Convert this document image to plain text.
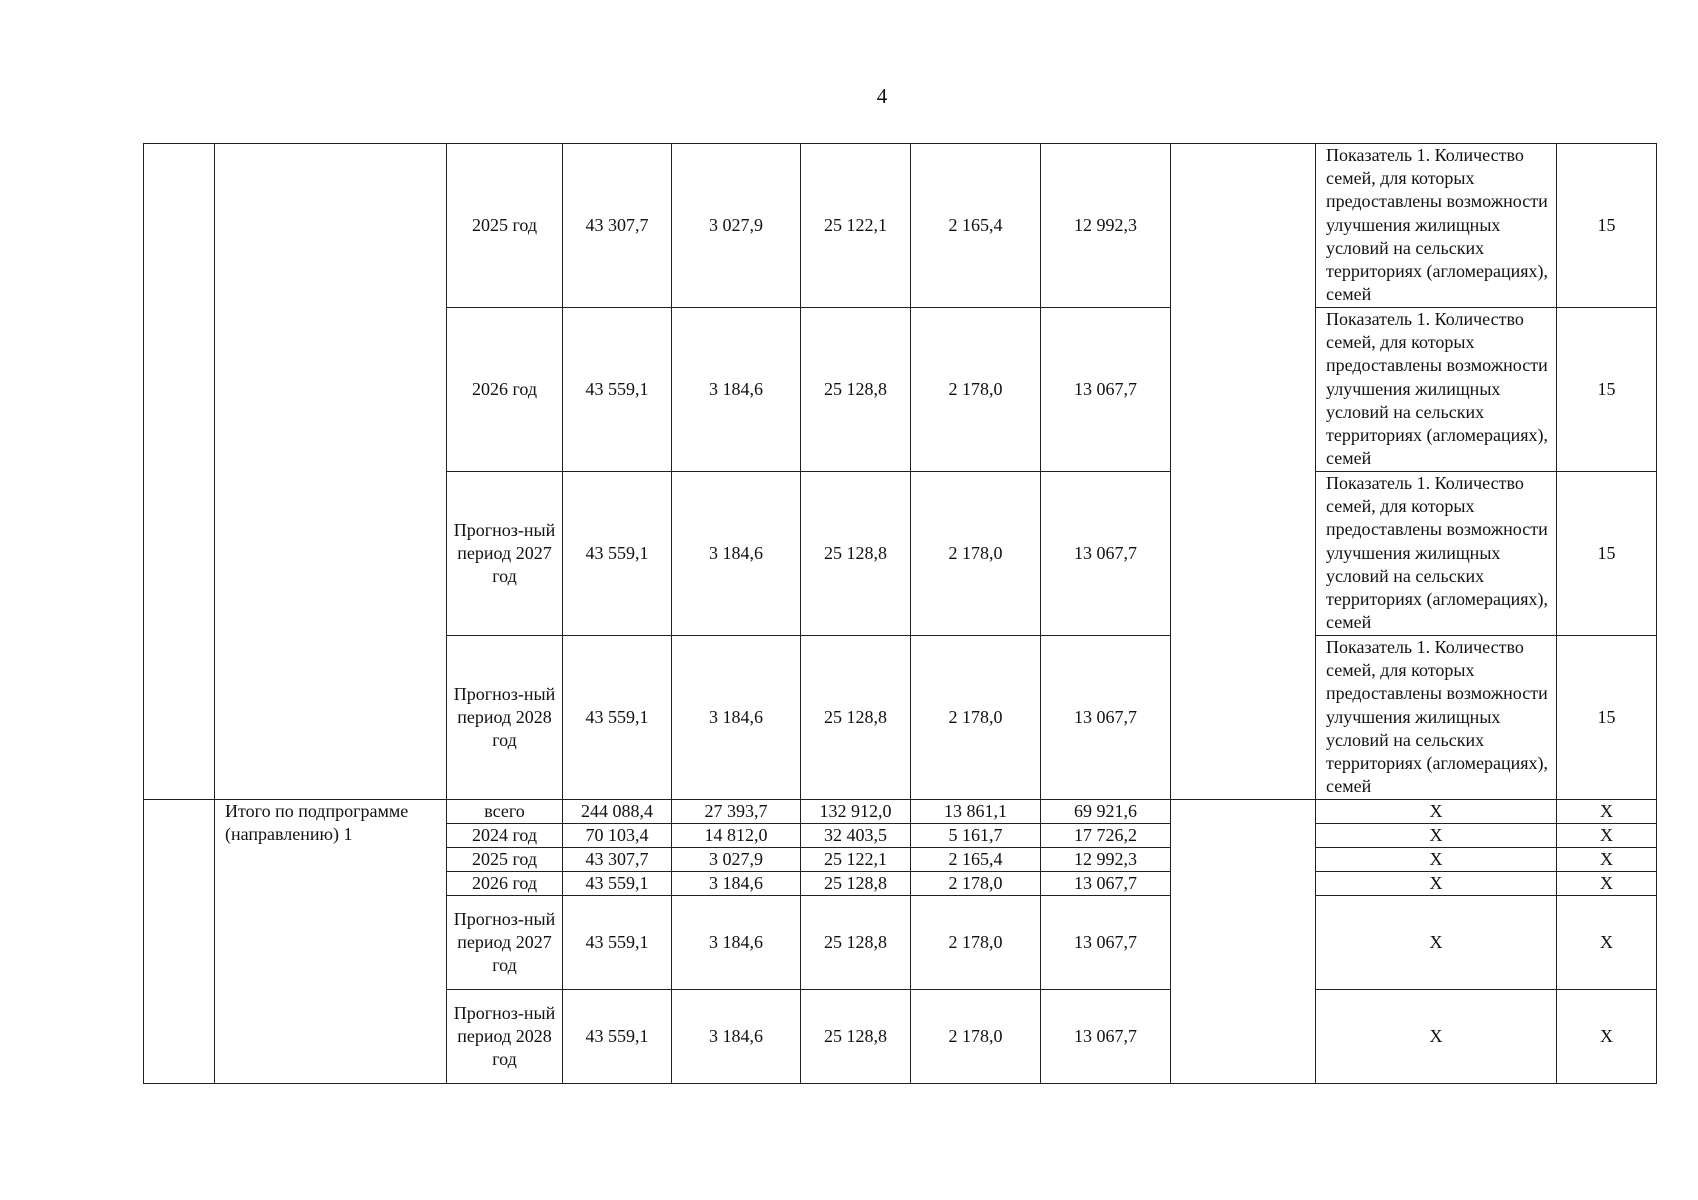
4
		2025 год	43 307,7	3 027,9	25 122,1	2 165,4	12 992,3		Показатель 1. Количество семей, для которых предоставлены возможности улучшения жилищных условий на сельских территориях (агломерациях), семей	15
		2026 год	43 559,1	3 184,6	25 128,8	2 178,0	13 067,7		Показатель 1. Количество семей, для которых предоставлены возможности улучшения жилищных условий на сельских территориях (агломерациях), семей	15
		Прогноз-ный период 2027 год	43 559,1	3 184,6	25 128,8	2 178,0	13 067,7		Показатель 1. Количество семей, для которых предоставлены возможности улучшения жилищных условий на сельских территориях (агломерациях), семей	15
		Прогноз-ный период 2028 год	43 559,1	3 184,6	25 128,8	2 178,0	13 067,7		Показатель 1. Количество семей, для которых предоставлены возможности улучшения жилищных условий на сельских территориях (агломерациях), семей	15
	Итого по подпрограмме (направлению) 1	всего	244 088,4	27 393,7	132 912,0	13 861,1	69 921,6		X	X
		2024 год	70 103,4	14 812,0	32 403,5	5 161,7	17 726,2		X	X
		2025 год	43 307,7	3 027,9	25 122,1	2 165,4	12 992,3		X	X
		2026 год	43 559,1	3 184,6	25 128,8	2 178,0	13 067,7		X	X
		Прогноз-ный период 2027 год	43 559,1	3 184,6	25 128,8	2 178,0	13 067,7		X	X
		Прогноз-ный период 2028 год	43 559,1	3 184,6	25 128,8	2 178,0	13 067,7		X	X
